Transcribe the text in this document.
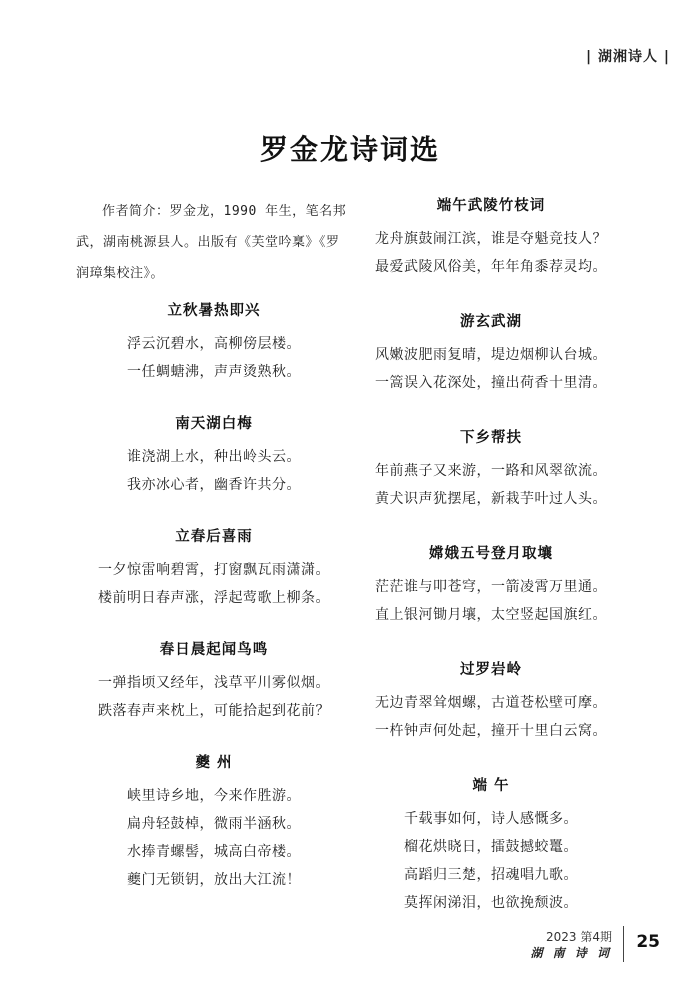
| 湖湘诗人 |
罗金龙诗词选

作者简介：罗金龙，1990 年生，笔名邦武，湖南桃源县人。出版有《芙堂吟稟》《罗润璋集校注》。

立秋暑热即兴
浮云沉碧水，高柳傍层楼。
一任蜩螗沸，声声烫熟秋。
南天湖白梅
谁浇湖上水，种出岭头云。
我亦冰心者，幽香许共分。
立春后喜雨
一夕惊雷响碧霄，打窗飘瓦雨潇潇。
楼前明日春声涨，浮起莺歌上柳条。
春日晨起闻鸟鸣
一弹指顷又经年，浅草平川雾似烟。
跌落春声来枕上，可能拾起到花前？
夔 州
峡里诗乡地，今来作胜游。
扁舟轻鼓棹，微雨半涵秋。
水捧青螺髻，城高白帝楼。
夔门无锁钥，放出大江流！
端午武陵竹枝词
龙舟旗鼓闹江滨，谁是夺魁竞技人？
最爱武陵风俗美，年年角黍荐灵均。
游玄武湖
风嫩波肥雨复晴，堤边烟柳认台城。
一篙误入花深处，撞出荷香十里清。
下乡帮扶
年前燕子又来游，一路和风翠欲流。
黄犬识声犹摆尾，新栽芋叶过人头。
嫦娥五号登月取壤
茫茫谁与叩苍穹，一箭凌霄万里通。
直上银河锄月壤，太空竖起国旗红。
过罗岩岭
无边青翠耸烟螺，古道苍松壁可摩。
一杵钟声何处起，撞开十里白云窝。
端 午
千载事如何，诗人感慨多。
榴花烘晓日，擂鼓撼蛟鼍。
高蹈归三楚，招魂唱九歌。
莫挥闲涕泪，也欲挽颓波。
2023 第4期
湖 南 诗 词
25
